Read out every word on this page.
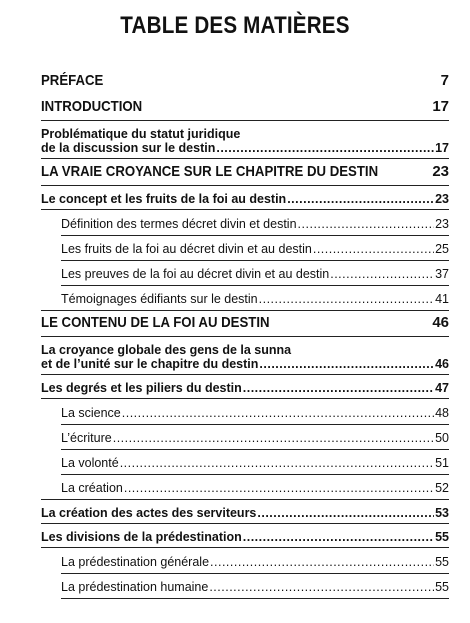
TABLE DES MATIÈRES
PRÉFACE	7
INTRODUCTION	17
Problématique du statut juridique
de la discussion sur le destin .....	17
LA VRAIE CROYANCE SUR LE CHAPITRE DU DESTIN	23
Le concept et les fruits de la foi au destin .....	23
Définition des termes décret divin et destin .....	23
Les fruits de la foi au décret divin et au destin .....	25
Les preuves de la foi au décret divin et au destin .....	37
Témoignages édifiants sur le destin .....	41
LE CONTENU DE LA FOI AU DESTIN	46
La croyance globale des gens de la sunna
et de l’unité sur le chapitre du destin .....	46
Les degrés et les piliers du destin .....	47
La science .....	48
L’écriture .....	50
La volonté .....	51
La création .....	52
La création des actes des serviteurs .....	53
Les divisions de la prédestination .....	55
La prédestination générale .....	55
La prédestination humaine .....	55
